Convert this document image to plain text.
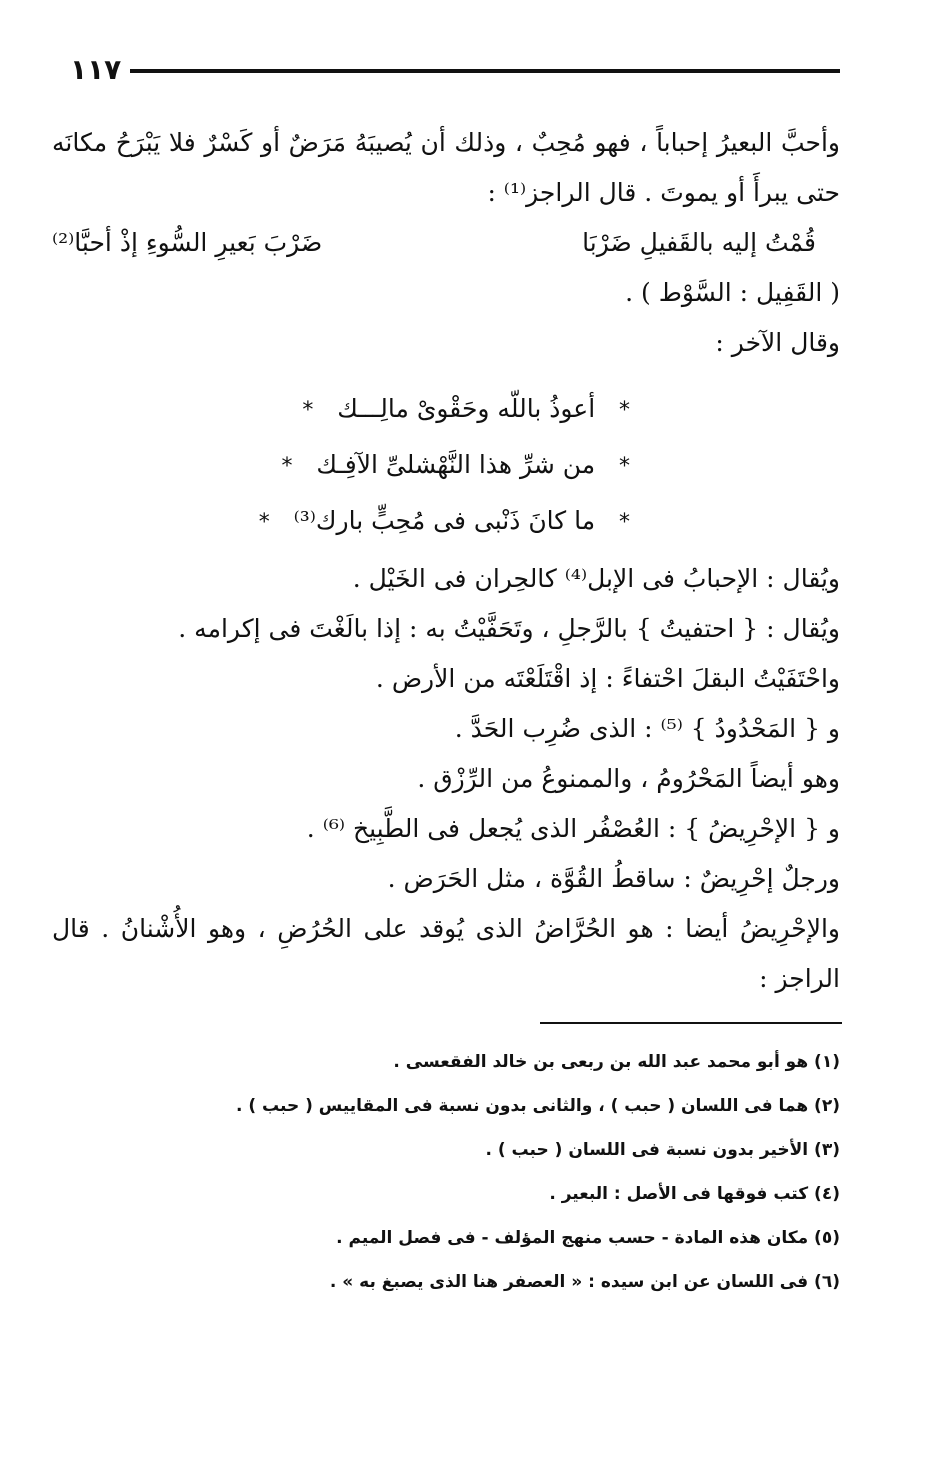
١١٧

وأحبَّ البعيرُ إحباباً ، فهو مُحِبٌ ، وذلك أن يُصيبَهُ مَرَضٌ أو كَسْرٌ فلا يَبْرَحُ مكانَه حتى يبرأَ أو يموتَ . قال الراجز⁽¹⁾ :

قُمْتُ إليه بالقَفيلِ ضَرْبَا
ضَرْبَ بَعيرِ السُّوءِ إذْ أحبَّا⁽²⁾

( القَفِيل : السَّوْط ) .

وقال الآخر :

*   أعوذُ باللّه وحَقْوىْ مالِـــك   *
*   من شرِّ هذا النَّهْشلىِّ الآفِـك   *
*   ما كانَ ذَنْبى فى مُحِبٍّ بارك⁽³⁾   *

ويُقال : الإحبابُ فى الإبل⁽⁴⁾ كالحِران فى الخَيْل .

ويُقال : { احتفيتُ } بالرَّجلِ ، وتَحَفَّيْتُ به : إذا بالَغْتَ فى إكرامه .

واحْتَفَيْتُ البقلَ احْتفاءً : إذ اقْتَلَعْتَه من الأرض .

و { المَحْدُودُ } ⁽⁵⁾ : الذى ضُرِب الحَدَّ .

وهو أيضاً المَحْرُومُ ، والممنوعُ من الرِّزْق .

و { الإحْرِيضُ } : العُصْفُر الذى يُجعل فى الطَّبِيخ ⁽⁶⁾ .

ورجلٌ إحْرِيضٌ : ساقطُ القُوَّة ، مثل الحَرَض .

والإحْرِيضُ أيضا : هو الحُرَّاضُ الذى يُوقد على الحُرُضِ ، وهو الأُشْنانُ . قال الراجز :

(١) هو أبو محمد عبد الله بن ربعى بن خالد الفقعسى .

(٢) هما فى اللسان ( حبب ) ، والثانى بدون نسبة فى المقاييس ( حبب ) .

(٣) الأخير بدون نسبة فى اللسان ( حبب ) .

(٤) كتب فوقها فى الأصل : البعير .

(٥) مكان هذه المادة - حسب منهج المؤلف - فى فصل الميم .

(٦) فى اللسان عن ابن سيده : « العصفر هنا الذى يصبغ به » .
